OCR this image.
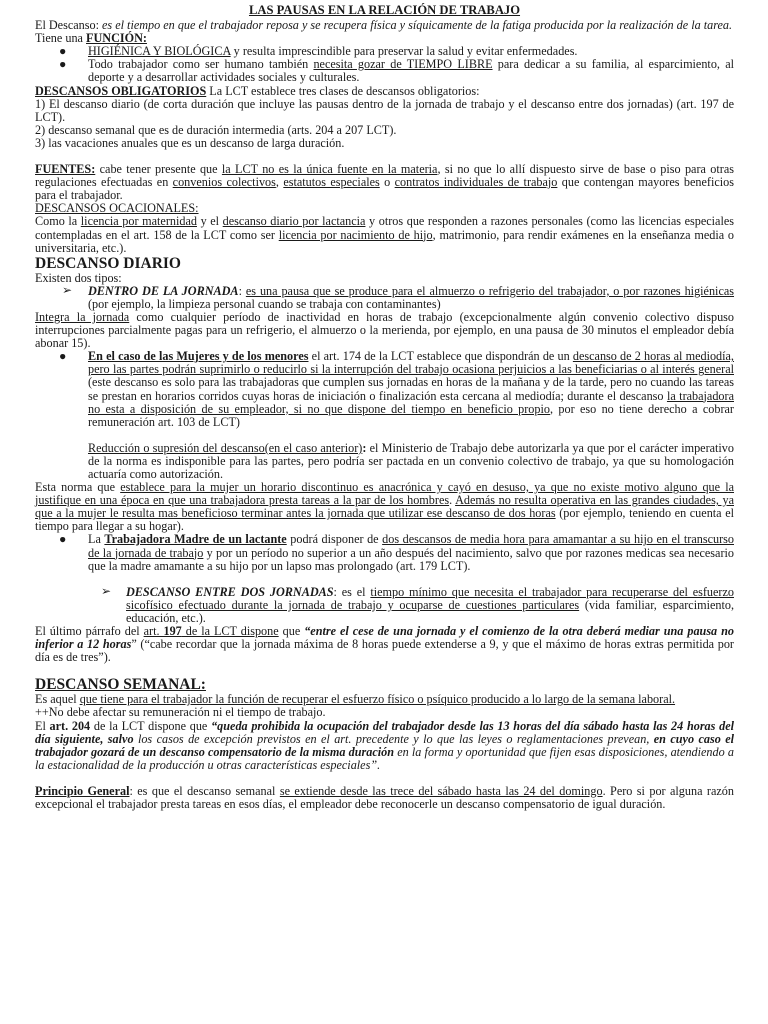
LAS PAUSAS EN LA RELACIÓN DE TRABAJO

El Descanso: es el tiempo en que el trabajador reposa y se recupera física y síquicamente de la fatiga producida por la realización de la tarea.

Tiene una FUNCIÓN:

● HIGIÉNICA Y BIOLÓGICA y resulta imprescindible para preservar la salud y evitar enfermedades.

● Todo trabajador como ser humano también necesita gozar de TIEMPO LIBRE para dedicar a su familia, al esparcimiento, al deporte y a desarrollar actividades sociales y culturales.

DESCANSOS OBLIGATORIOS La LCT establece tres clases de descansos obligatorios:

1) El descanso diario (de corta duración que incluye las pausas dentro de la jornada de trabajo y el descanso entre dos jornadas) (art. 197 de LCT).

2) descanso semanal que es de duración intermedia (arts. 204 a 207 LCT).

3) las vacaciones anuales que es un descanso de larga duración.

FUENTES: cabe tener presente que la LCT no es la única fuente en la materia, si no que lo allí dispuesto sirve de base o piso para otras regulaciones efectuadas en convenios colectivos, estatutos especiales o contratos individuales de trabajo que contengan mayores beneficios para el trabajador.

DESCANSOS OCACIONALES:

Como la licencia por maternidad y el descanso diario por lactancia y otros que responden a razones personales (como las licencias especiales contempladas en el art. 158 de la LCT como ser licencia por nacimiento de hijo, matrimonio, para rendir exámenes en la enseñanza media o universitaria, etc.).

DESCANSO DIARIO

Existen dos tipos:

➢ DENTRO DE LA JORNADA: es una pausa que se produce para el almuerzo o refrigerio del trabajador, o por razones higiénicas (por ejemplo, la limpieza personal cuando se trabaja con contaminantes)

Integra la jornada como cualquier período de inactividad en horas de trabajo (excepcionalmente algún convenio colectivo dispuso interrupciones parcialmente pagas para un refrigerio, el almuerzo o la merienda, por ejemplo, en una pausa de 30 minutos el empleador debía abonar 15).

● En el caso de las Mujeres y de los menores el art. 174 de la LCT establece que dispondrán de un descanso de 2 horas al mediodía, pero las partes podrán suprimirlo o reducirlo si la interrupción del trabajo ocasiona perjuicios a las beneficiarias o al interés general (este descanso es solo para las trabajadoras que cumplen sus jornadas en horas de la mañana y de la tarde, pero no cuando las tareas se prestan en horarios corridos cuyas horas de iniciación o finalización esta cercana al mediodía; durante el descanso la trabajadora no esta a disposición de su empleador, si no que dispone del tiempo en beneficio propio, por eso no tiene derecho a cobrar remuneración art. 103 de LCT)

Reducción o supresión del descanso(en el caso anterior): el Ministerio de Trabajo debe autorizarla ya que por el carácter imperativo de la norma es indisponible para las partes, pero podría ser pactada en un convenio colectivo de trabajo, ya que su homologación actuaría como autorización.

Esta norma que establece para la mujer un horario discontinuo es anacrónica y cayó en desuso, ya que no existe motivo alguno que la justifique en una época en que una trabajadora presta tareas a la par de los hombres. Además no resulta operativa en las grandes ciudades, ya que a la mujer le resulta mas beneficioso terminar antes la jornada que utilizar ese descanso de dos horas (por ejemplo, teniendo en cuenta el tiempo para llegar a su hogar).

● La Trabajadora Madre de un lactante podrá disponer de dos descansos de media hora para amamantar a su hijo en el transcurso de la jornada de trabajo y por un período no superior a un año después del nacimiento, salvo que por razones medicas sea necesario que la madre amamante a su hijo por un lapso mas prolongado (art. 179 LCT).

➢ DESCANSO ENTRE DOS JORNADAS: es el tiempo mínimo que necesita el trabajador para recuperarse del esfuerzo sicofísico efectuado durante la jornada de trabajo y ocuparse de cuestiones particulares (vida familiar, esparcimiento, educación, etc.).

El último párrafo del art. 197 de la LCT dispone que “entre el cese de una jornada y el comienzo de la otra deberá mediar una pausa no inferior a 12 horas” (“cabe recordar que la jornada máxima de 8 horas puede extenderse a 9, y que el máximo de horas extras permitida por día es de tres”).

DESCANSO SEMANAL:

Es aquel que tiene para el trabajador la función de recuperar el esfuerzo físico o psíquico producido a lo largo de la semana laboral.

++No debe afectar su remuneración ni el tiempo de trabajo.

El art. 204 de la LCT dispone que “queda prohibida la ocupación del trabajador desde las 13 horas del día sábado hasta las 24 horas del día siguiente, salvo los casos de excepción previstos en el art. precedente y lo que las leyes o reglamentaciones prevean, en cuyo caso el trabajador gozará de un descanso compensatorio de la misma duración en la forma y oportunidad que fijen esas disposiciones, atendiendo a la estacionalidad de la producción u otras características especiales”.

Principio General: es que el descanso semanal se extiende desde las trece del sábado hasta las 24 del domingo. Pero si por alguna razón excepcional el trabajador presta tareas en esos días, el empleador debe reconocerle un descanso compensatorio de igual duración.
